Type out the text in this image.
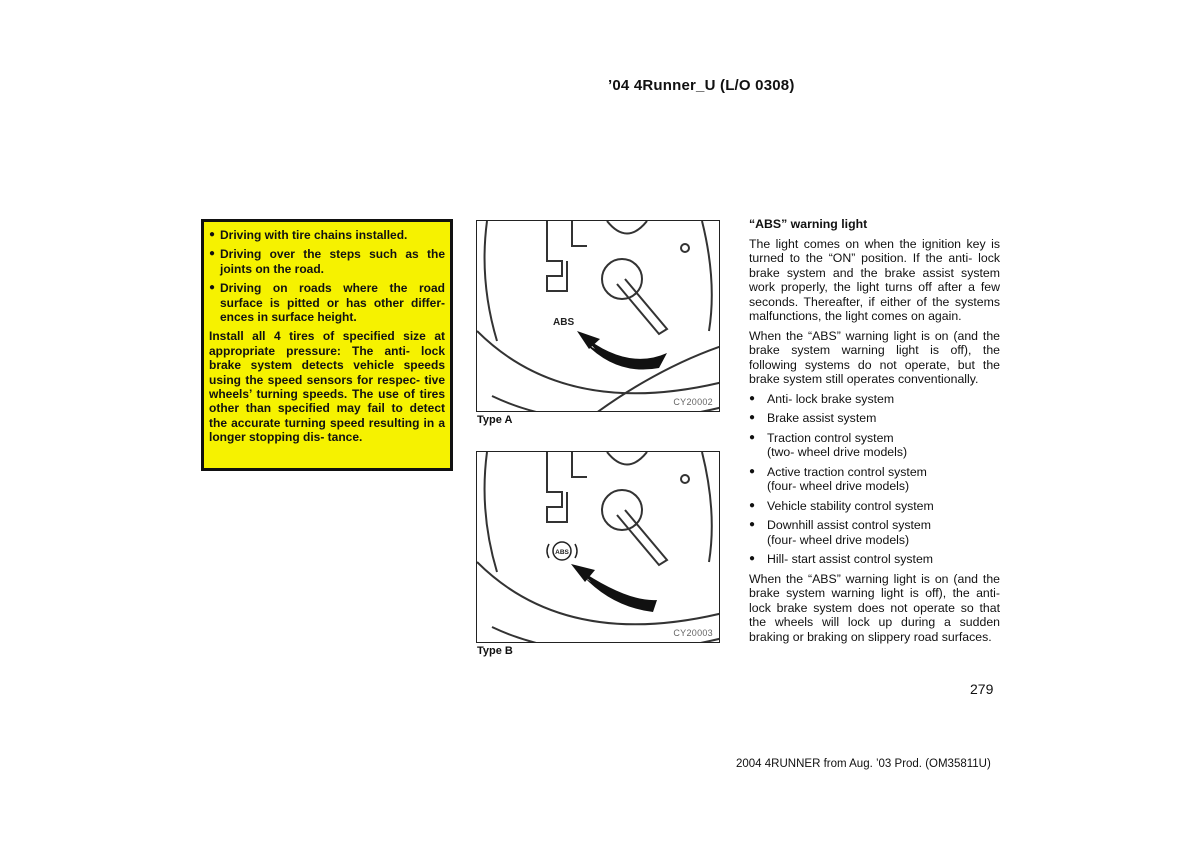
’04 4Runner_U (L/O 0308)
● Driving with tire chains installed.
● Driving over the steps such as the joints on the road.
● Driving on roads where the road surface is pitted or has other differ- ences in surface height.
Install all 4 tires of specified size at appropriate pressure: The anti- lock brake system detects vehicle speeds using the speed sensors for respec- tive wheels’ turning speeds. The use of tires other than specified may fail to detect the accurate turning speed resulting in a longer stopping dis- tance.
ABS
CY20002
Type A
ABS
CY20003
Type B
“ABS” warning light
The light comes on when the ignition key is turned to the “ON” position. If the anti- lock brake system and the brake assist system work properly, the light turns off after a few seconds. Thereafter, if either of the systems malfunctions, the light comes on again.
When the “ABS” warning light is on (and the brake system warning light is off), the following systems do not operate, but the brake system still operates conventionally.
● Anti- lock brake system
● Brake assist system
● Traction control system
(two- wheel drive models)
● Active traction control system
(four- wheel drive models)
● Vehicle stability control system
● Downhill assist control system
(four- wheel drive models)
● Hill- start assist control system
When the “ABS” warning light is on (and the brake system warning light is off), the anti- lock brake system does not operate so that the wheels will lock up during a sudden braking or braking on slippery road surfaces.
279
2004 4RUNNER from Aug. ’03 Prod. (OM35811U)
